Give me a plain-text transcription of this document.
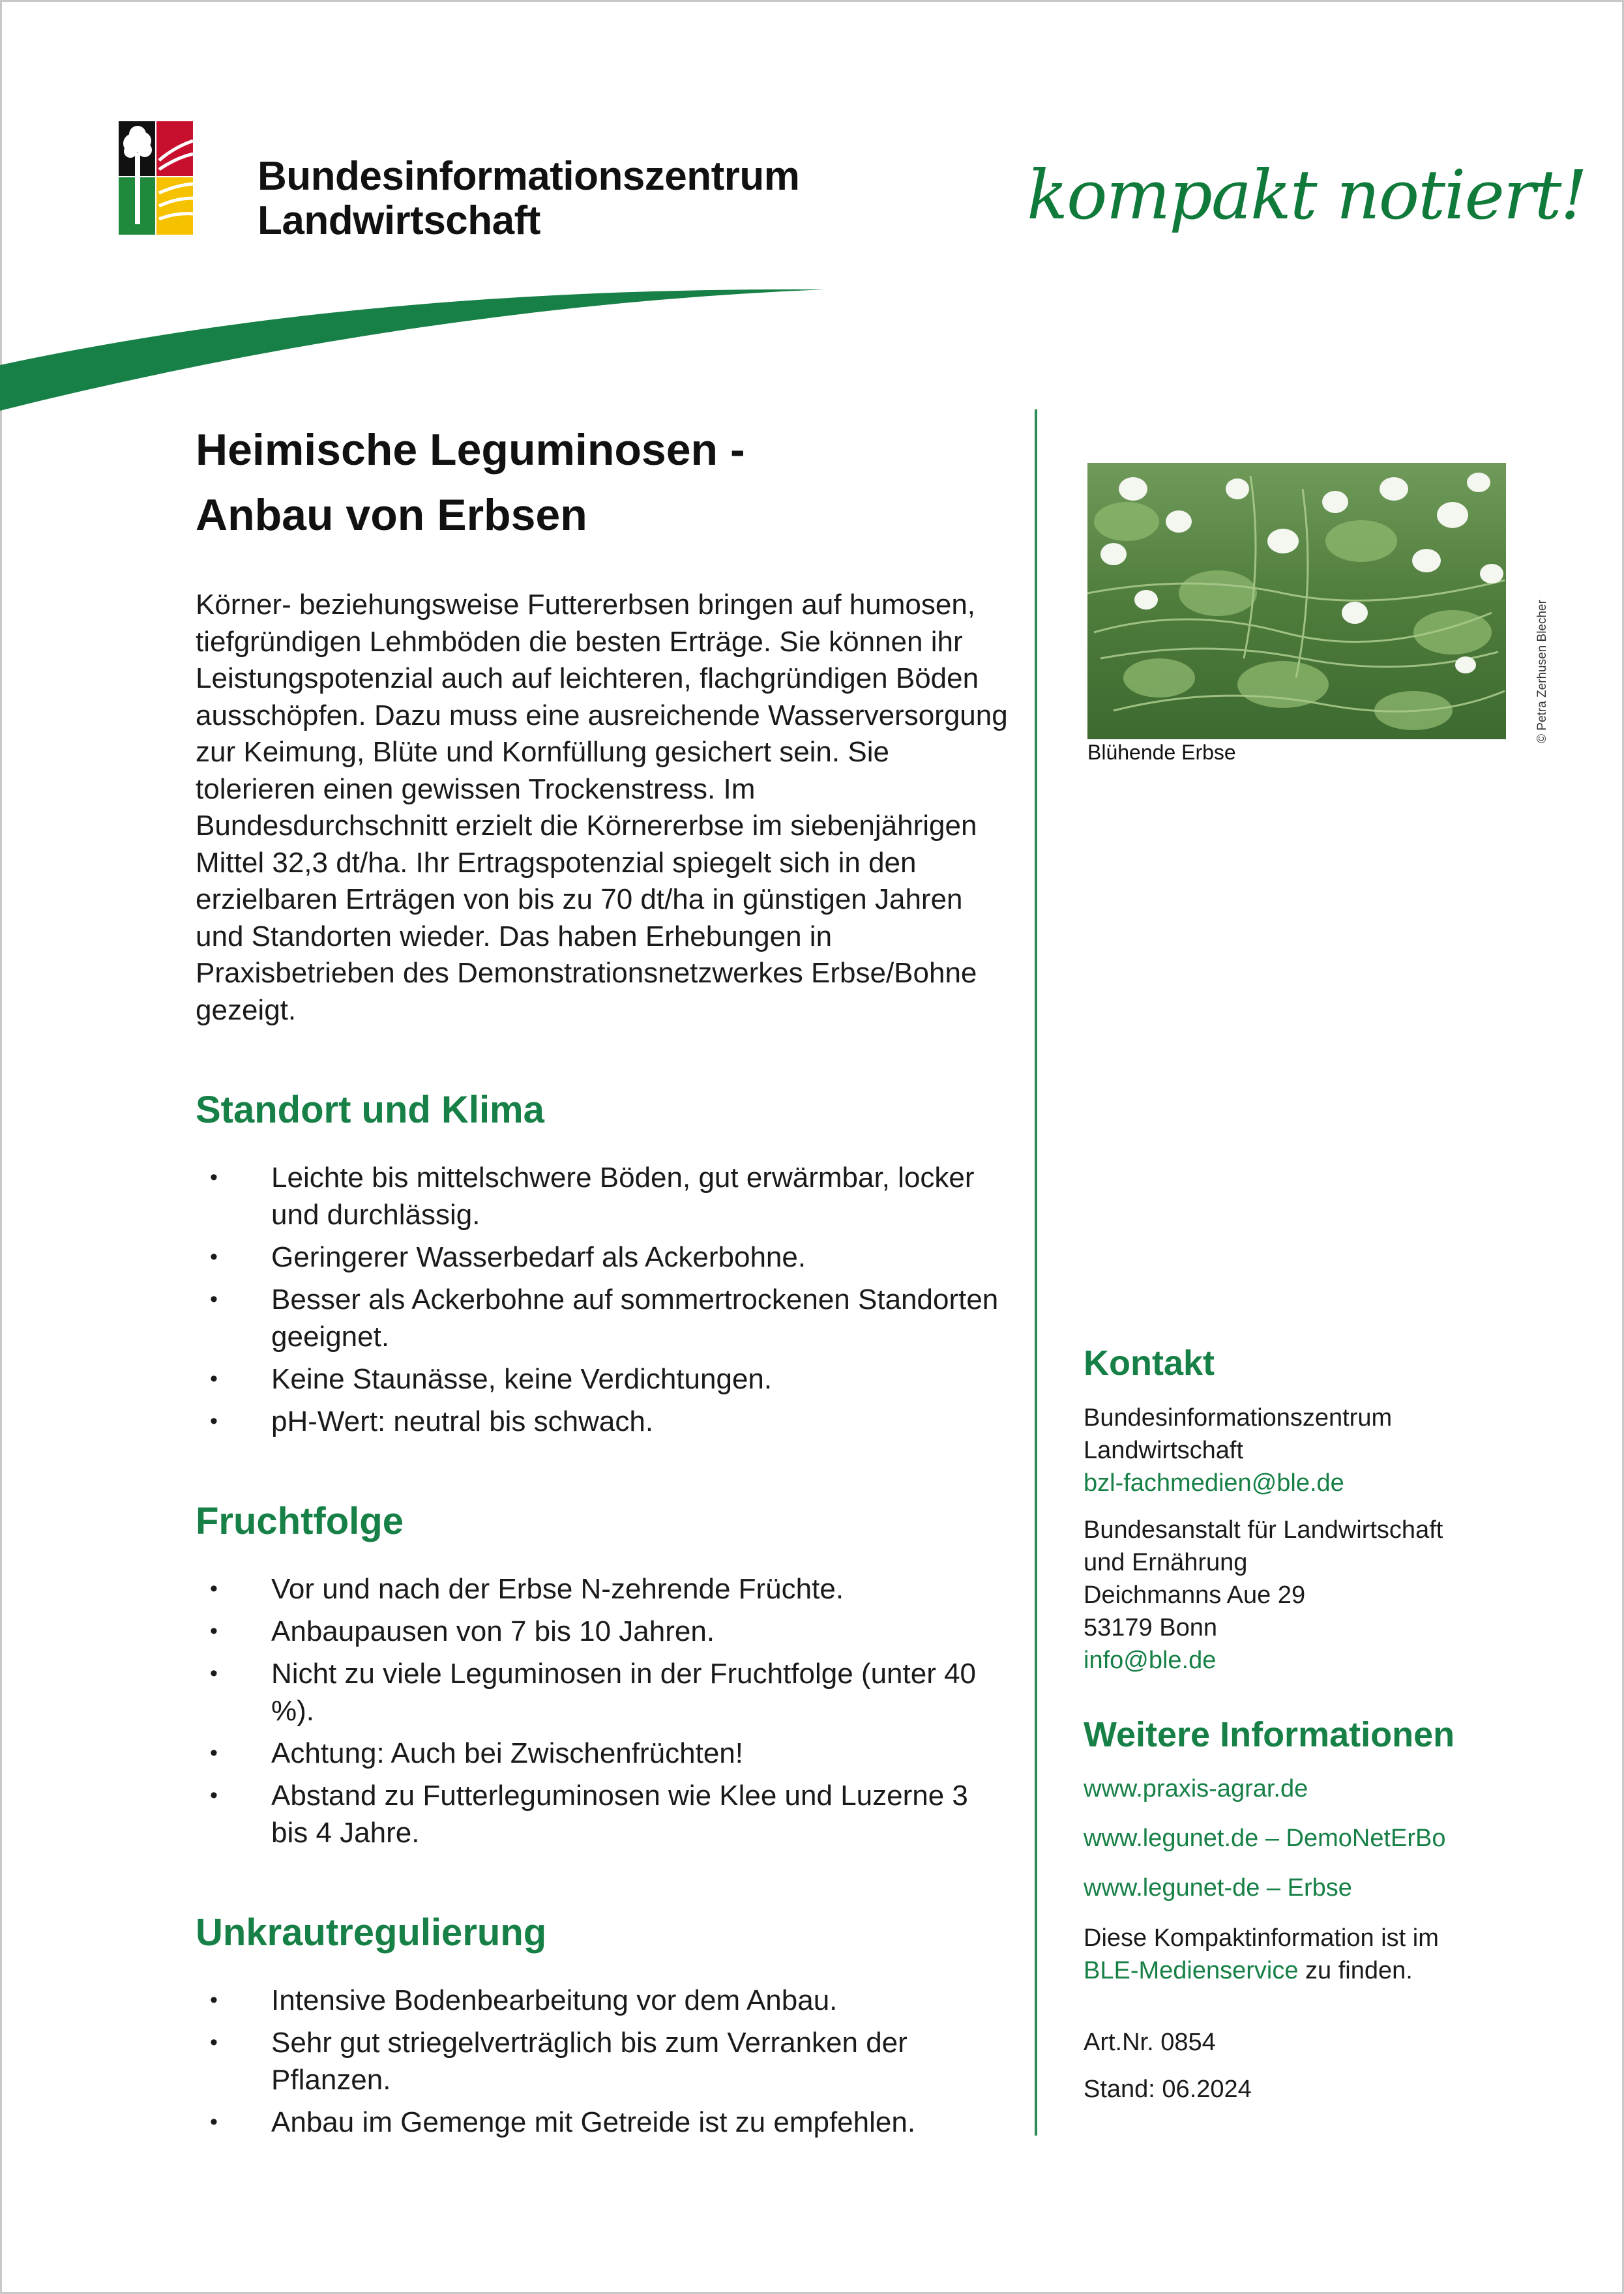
Bundesinformationszentrum
Landwirtschaft	kompakt notiert!
Heimische Leguminosen -
Anbau von Erbsen

Körner- beziehungsweise Futtererbsen bringen auf humosen, tiefgründigen Lehmböden die besten Erträge. Sie können ihr Leistungspotenzial auch auf leichteren, flachgründigen Böden ausschöpfen. Dazu muss eine ausreichende Wasserversorgung zur Keimung, Blüte und Kornfüllung gesichert sein. Sie tolerieren einen gewissen Trockenstress. Im Bundesdurchschnitt erzielt die Körnererbse im siebenjährigen Mittel 32,3 dt/ha. Ihr Ertragspotenzial spiegelt sich in den erzielbaren Erträgen von bis zu 70 dt/ha in günstigen Jahren und Standorten wieder. Das haben Erhebungen in Praxisbetrieben des Demonstrationsnetzwerkes Erbse/Bohne gezeigt.

Standort und Klima
• Leichte bis mittelschwere Böden, gut erwärmbar, locker und durchlässig.
• Geringerer Wasserbedarf als Ackerbohne.
• Besser als Ackerbohne auf sommertrockenen Standorten geeignet.
• Keine Staunässe, keine Verdichtungen.
• pH-Wert: neutral bis schwach.
Fruchtfolge
• Vor und nach der Erbse N-zehrende Früchte.
• Anbaupausen von 7 bis 10 Jahren.
• Nicht zu viele Leguminosen in der Fruchtfolge (unter 40 %).
• Achtung: Auch bei Zwischenfrüchten!
• Abstand zu Futterleguminosen wie Klee und Luzerne 3 bis 4 Jahre.
Unkrautregulierung
• Intensive Bodenbearbeitung vor dem Anbau.
• Sehr gut striegelverträglich bis zum Verranken der Pflanzen.
• Anbau im Gemenge mit Getreide ist zu empfehlen.
© Petra Zerhusen Blecher
Blühende Erbse
Kontakt

Bundesinformationszentrum
Landwirtschaft
bzl-fachmedien@ble.de

Bundesanstalt für Landwirtschaft
und Ernährung
Deichmanns Aue 29
53179 Bonn
info@ble.de

Weitere Informationen

www.praxis-agrar.de

www.legunet.de – DemoNetErBo

www.legunet-de – Erbse

Diese Kompaktinformation ist im
BLE-Medienservice zu finden.

Art.Nr. 0854

Stand: 06.2024
